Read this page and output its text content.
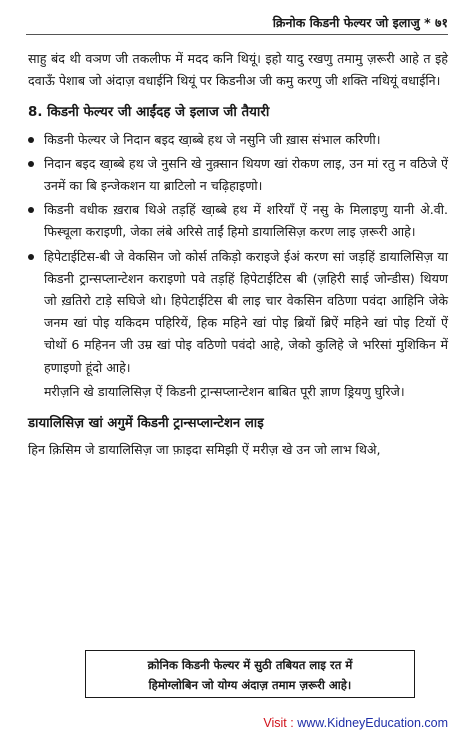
क्रिनोक किडनी फेल्यर जो इलाजु * ७१

साहु बंद थी वञण जी तकलीफ में मदद कनि थियूं। इहो यादु रखणु तमामु ज़रूरी आहे त इहे दवाऊँ पेशाब जो अंदाज़ वधाईनि थियूं पर किडनीअ जी कमु करणु जी शक्ति नथियूं वधाईनि।

8. किडनी फेल्यर जी आईंदह जे इलाज जी तैयारी

किडनी फेल्यर जे निदान बइद खा़ब्बे हथ जे नसुनि जी ख़ास संभाल करिणी।
निदान बइद खा़ब्बे हथ जे नुसनि खे नुक़्सान थियण खां रोकण लाइ, उन मां रतु न वठिजे ऐं उनमें का बि इन्जेकशन या ब्राटिलो न चढ़िहाइणो।
किडनी वधीक ख़राब थिअे तड़हिं खा़ब्बे हथ में शरियाँ ऐं नसु के मिलाइणु यानी अे.वी. फिस्चूला कराइणी, जेका लंबे अरिसे ताईं हिमो डायालिसिज़ करण लाइ ज़रूरी आहे।
हिपेटाईटिस-बी जे वेकसिन जो कोर्स तकिड़ो कराइजे ईअं करण सां जड़हिं डायालिसिज़ या किडनी ट्रान्सप्लान्टेशन कराइणो पवे तड़हिं हिपेटाईटिस बी (ज़हिरी साई जोन्डीस) थियण जो ख़तिरो टाड़े सघिजे थो। हिपेटाईटिस बी लाइ चार वेकसिन वठिणा पवंदा आहिनि जेके जनम खां पोइ यकिदम पहिरियें, हिक महिने खां पोइ ब्रियों ब्रिऐं महिने खां पोइ टियों ऐं चोथों 6 महिनन जी उम्र खां पोइ वठिणो पवंदो आहे, जेको कुलिहे जे भरिसां मुशिकिन में हणाइणो हूंदो आहे।

मरीज़नि खे डायालिसिज़ ऐं किडनी ट्रान्सप्लान्टेशन बाबित पूरी ज्ञाण ड्रियणु घुरिजे।

डायालिसिज़ खां अगुमें किडनी ट्रान्सप्लान्टेशन लाइ

हिन क़िसिम जे डायालिसिज़ जा फ़ाइदा समिझी ऐं मरीज़ खे उन जो लाभ थिअे,

क्रोनिक किडनी फेल्यर में सुठी तबियत लाइ रत में
हिमोग्लोबिन जो योग्य अंदाज़ तमाम ज़रूरी आहे।
Visit : www.KidneyEducation.com
